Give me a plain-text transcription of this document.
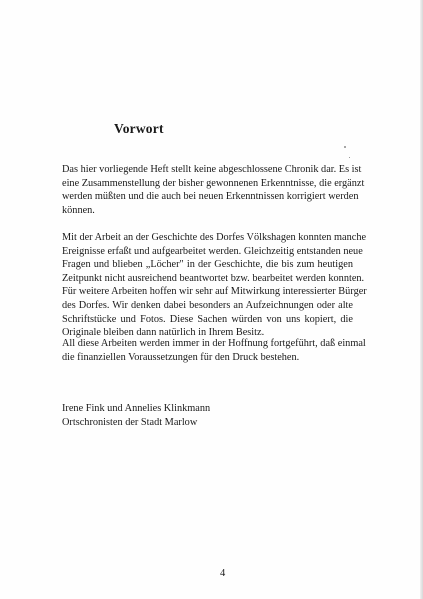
Vorwort
Das hier vorliegende Heft stellt keine abgeschlossene Chronik dar. Es ist
eine Zusammenstellung der bisher gewonnenen Erkenntnisse, die ergänzt
werden müßten und die auch bei neuen Erkenntnissen korrigiert werden
können.
Mit der Arbeit an der Geschichte des Dorfes Völkshagen konnten manche
Ereignisse erfaßt und aufgearbeitet werden. Gleichzeitig entstanden neue
Fragen und blieben „Löcher" in der Geschichte, die bis zum heutigen
Zeitpunkt nicht ausreichend beantwortet bzw. bearbeitet werden konnten.
Für weitere Arbeiten hoffen wir sehr auf Mitwirkung interessierter Bürger
des Dorfes. Wir denken dabei besonders an Aufzeichnungen oder alte
Schriftstücke und Fotos. Diese Sachen würden von uns kopiert, die
Originale bleiben dann natürlich in Ihrem Besitz.
All diese Arbeiten werden immer in der Hoffnung fortgeführt, daß einmal
die finanziellen Voraussetzungen für den Druck bestehen.
Irene Fink und Annelies Klinkmann
Ortschronisten der Stadt Marlow
4
